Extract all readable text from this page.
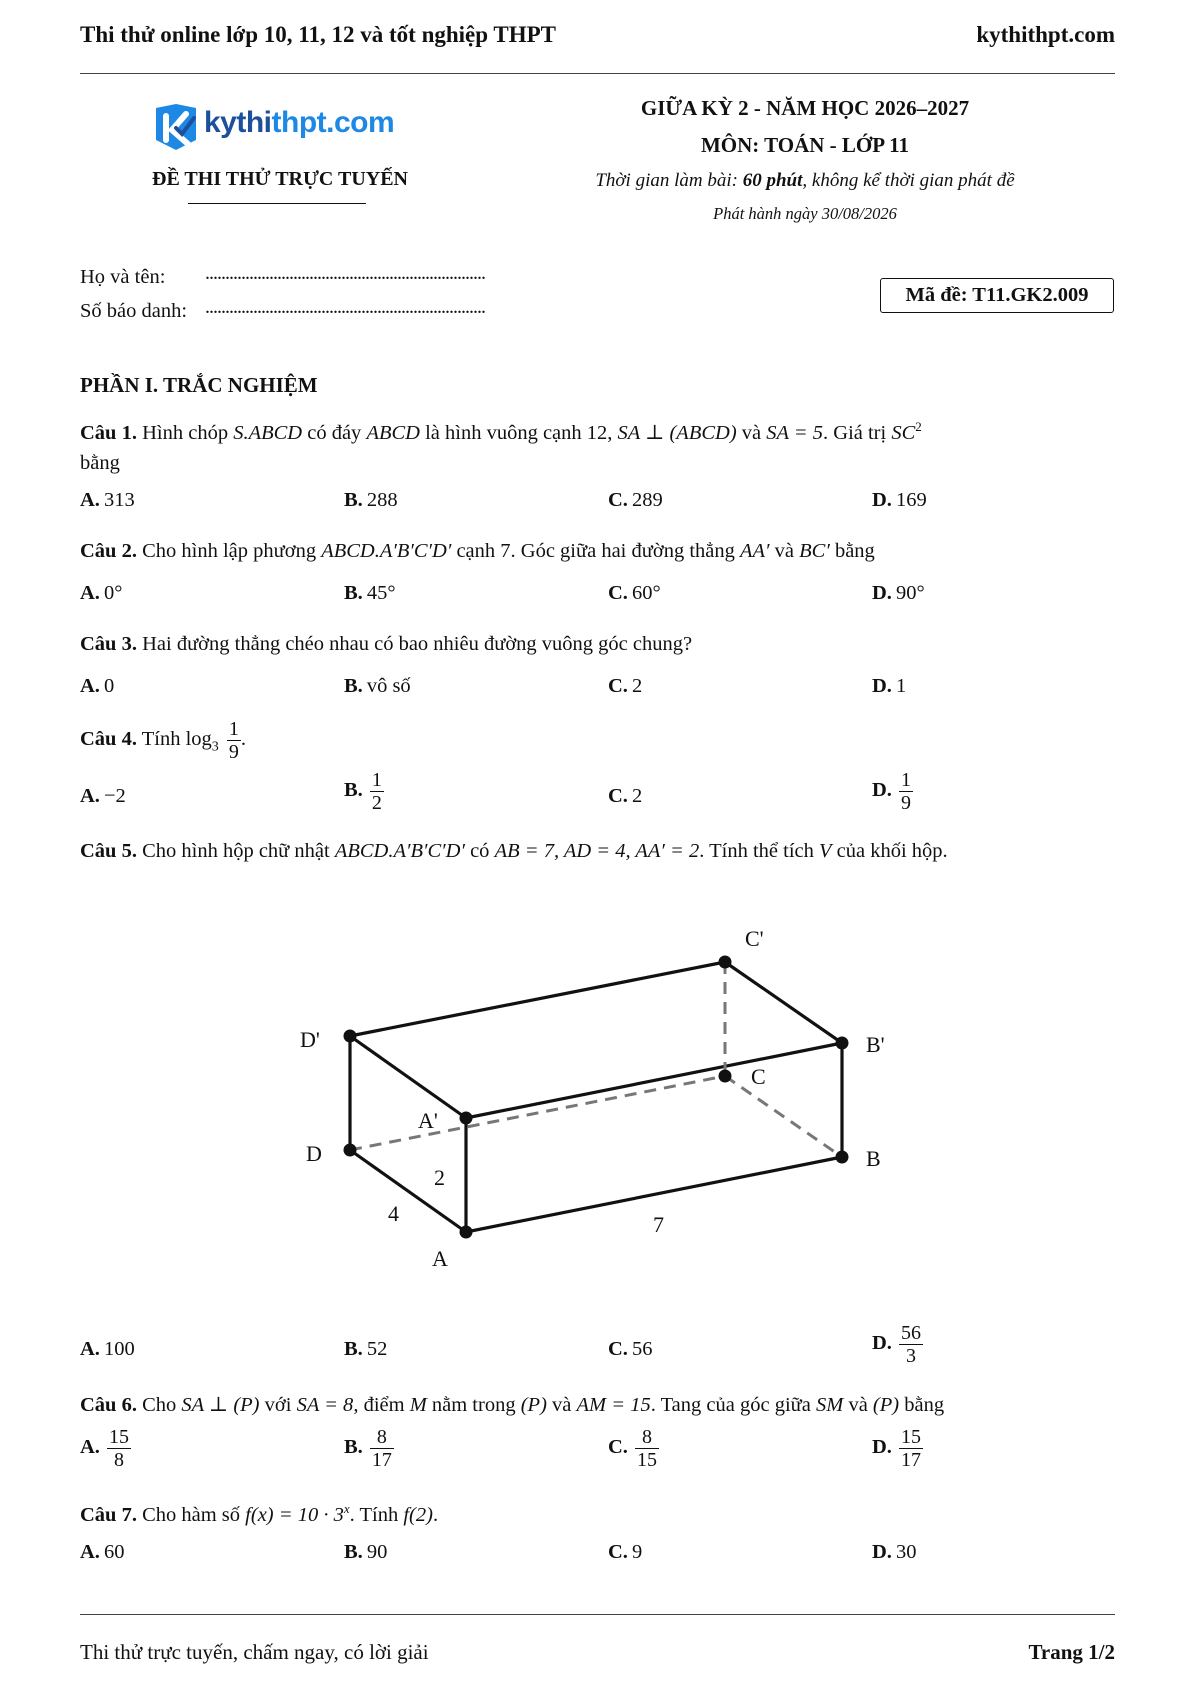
Thi thử online lớp 10, 11, 12 và tốt nghiệp THPT	kythithpt.com
kythithpt.com
ĐỀ THI THỬ TRỰC TUYẾN
GIỮA KỲ 2 - NĂM HỌC 2026–2027
MÔN: TOÁN - LỚP 11
Thời gian làm bài: 60 phút, không kể thời gian phát đề
Phát hành ngày 30/08/2026
Họ và tên: ......................................................................
Số báo danh: ......................................................................
Mã đề: T11.GK2.009
PHẦN I. TRẮC NGHIỆM
Câu 1. Hình chóp S.ABCD có đáy ABCD là hình vuông cạnh 12, SA ⊥ (ABCD) và SA = 5. Giá trị $SC^2$
bằng
A. 313	B. 288	C. 289	D. 169
Câu 2. Cho hình lập phương ABCD.A′B′C′D′ cạnh 7. Góc giữa hai đường thẳng AA′ và BC′ bằng
A. 0°	B. 45°	C. 60°	D. 90°
Câu 3. Hai đường thẳng chéo nhau có bao nhiêu đường vuông góc chung?
A. 0	B. vô số	C. 2	D. 1
Câu 4. Tính $\log_3 \frac{1}{9}$ .
A. −2	B. $\frac{1}{2}$	C. 2	D. $\frac{1}{9}$
Câu 5. Cho hình hộp chữ nhật ABCD.A′B′C′D′ có AB = 7, AD = 4, AA′ = 2. Tính thể tích V của khối hộp.
C'
D'	B'
C
A'
D	B
A
2
4	7
A. 100	B. 52	C. 56	D. $\frac{56}{3}$
Câu 6. Cho SA ⊥ (P) với SA = 8, điểm M nằm trong (P) và AM = 15. Tang của góc giữa SM và (P) bằng
A. $\frac{15}{8}$	B. $\frac{8}{17}$	C. $\frac{8}{15}$	D. $\frac{15}{17}$
Câu 7. Cho hàm số $f(x) = 10 \cdot 3^x$. Tính f(2).
A. 60	B. 90	C. 9	D. 30
Thi thử trực tuyến, chấm ngay, có lời giải	Trang 1/2
